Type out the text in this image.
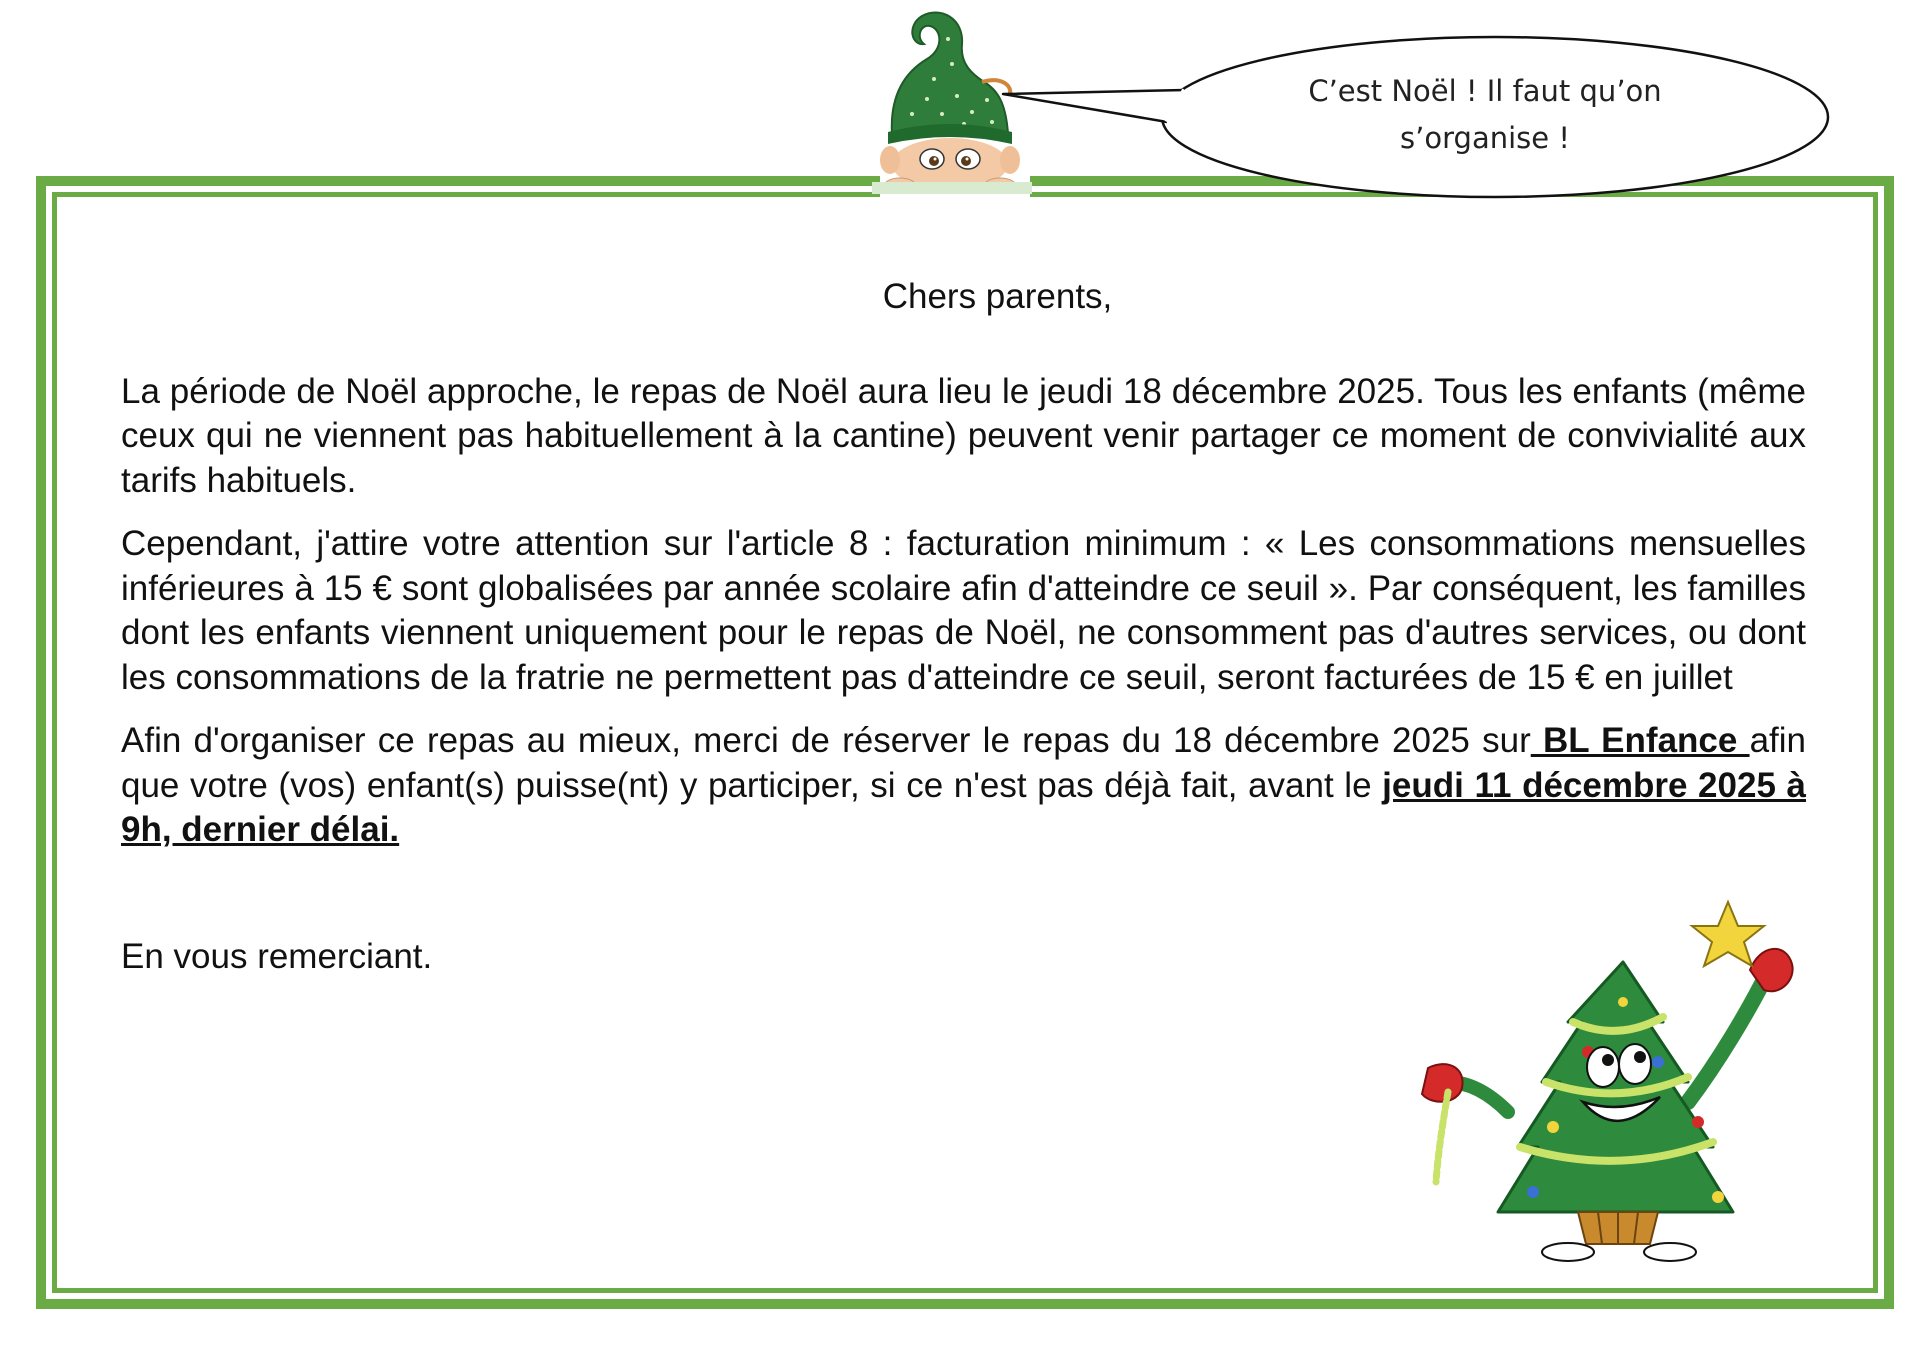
C’est Noël ! Il faut qu’on
s’organise !

Chers parents,

La période de Noël approche, le repas de Noël aura lieu le jeudi 18 décembre 2025. Tous les enfants (même ceux qui ne viennent pas habituellement à la cantine) peuvent venir partager ce moment de convivialité aux tarifs habituels.

Cependant, j'attire votre attention sur l'article 8 : facturation minimum : « Les consommations mensuelles inférieures à 15 € sont globalisées par année scolaire afin d'atteindre ce seuil ». Par conséquent, les familles dont les enfants viennent uniquement pour le repas de Noël, ne consomment pas d'autres services, ou dont les consommations de la fratrie ne permettent pas d'atteindre ce seuil, seront facturées de 15 € en juillet

Afin d'organiser ce repas au mieux, merci de réserver le repas du 18 décembre 2025 sur BL Enfance afin que votre (vos) enfant(s) puisse(nt) y participer, si ce n'est pas déjà fait, avant le jeudi 11 décembre 2025 à 9h, dernier délai.

En vous remerciant.
